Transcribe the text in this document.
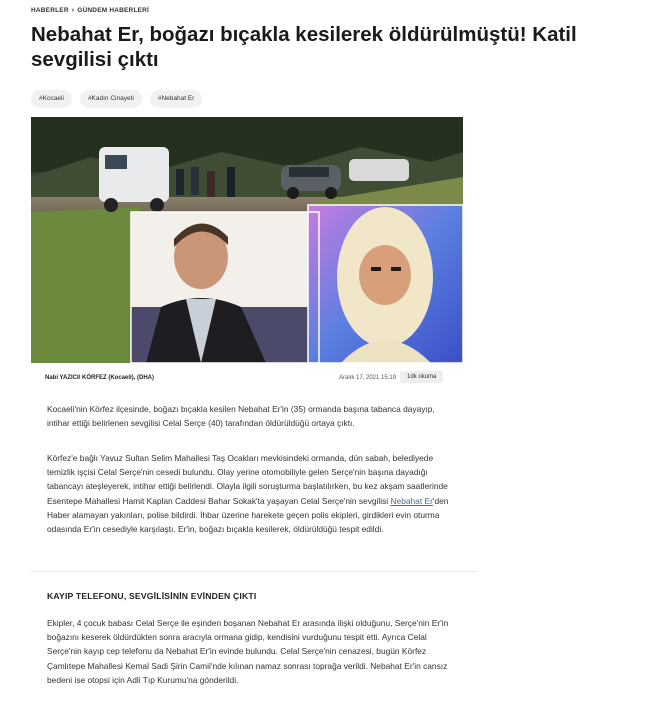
HABERLER › GÜNDEM HABERLERİ
Nebahat Er, boğazı bıçakla kesilerek öldürülmüştü! Katil sevgilisi çıktı
#Kocaeli	#Kadın Cinayeti	#Nebahat Er
Nabi YAZICI/ KÖRFEZ (Kocaeli), (DHA)	Aralık 17, 2021 15:19	1dk okuma

Kocaeli'nin Körfez ilçesinde, boğazı bıçakla kesilen Nebahat Er'in (35) ormanda başına tabanca dayayıp, intihar ettiği belirlenen sevgilisi Celal Serçe (40) tarafından öldürüldüğü ortaya çıktı.

Körfez'e bağlı Yavuz Sultan Selim Mahallesi Taş Ocakları mevkisindeki ormanda, dün sabah, belediyede temizlik işçisi Celal Serçe'nin cesedi bulundu. Olay yerine otomobiliyle gelen Serçe'nin başına dayadığı tabancayı ateşleyerek, intihar ettiği belirlendi. Olayla ilgili soruşturma başlatılırken, bu kez akşam saatlerinde Esentepe Mahallesi Hamit Kaplan Caddesi Bahar Sokak'ta yaşayan Celal Serçe'nin sevgilisi Nebahat Er'den Haber alamayan yakınları, polise bildirdi. İhbar üzerine harekete geçen polis ekipleri, girdikleri evin oturma odasında Er'in cesediyle karşılaştı. Er'in, boğazı bıçakla kesilerek, öldürüldüğü tespit edildi.

KAYIP TELEFONU, SEVGİLİSİNİN EVİNDEN ÇIKTI

Ekipler, 4 çocuk babası Celal Serçe ile eşinden boşanan Nebahat Er arasında ilişki olduğunu, Serçe'nin Er'in boğazını keserek öldürdükten sonra aracıyla ormana gidip, kendisini vurduğunu tespit etti. Ayrıca Celal Serçe'nin kayıp cep telefonu da Nebahat Er'in evinde bulundu. Celal Serçe'nin cenazesi, bugün Körfez Çamlıtepe Mahallesi Kemal Sadi Şirin Camii'nde kılınan namaz sonrası toprağa verildi. Nebahat Er'in cansız bedeni ise otopsi için Adli Tıp Kurumu'na gönderildi.
